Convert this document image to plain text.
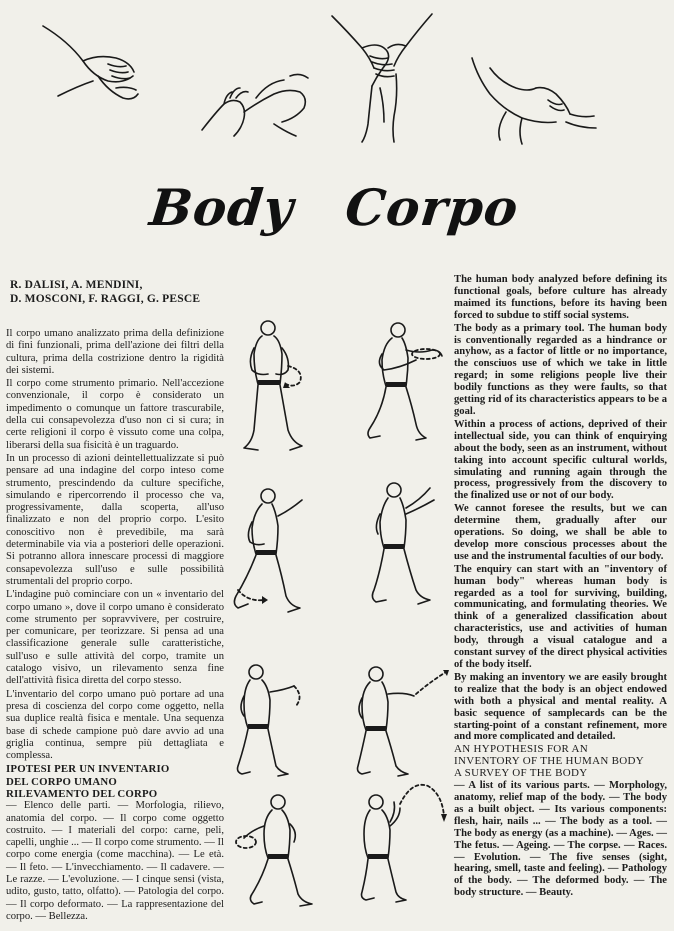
Body Corpo
R. DALISI, A. MENDINI,
D. MOSCONI, F. RAGGI, G. PESCE

Il corpo umano analizzato prima della definizione di fini funzionali, prima dell'azione dei filtri della cultura, prima della costrizione dentro la rigidità dei sistemi.

Il corpo come strumento primario. Nell'accezione convenzionale, il corpo è considerato un impedimento o comunque un fattore trascurabile, della cui consapevolezza d'uso non ci si cura; in certe religioni il corpo è vissuto come una colpa, liberarsi della sua fisicità è un traguardo.

In un processo di azioni deintellettualizzate si può pensare ad una indagine del corpo inteso come strumento, prescindendo da culture specifiche, simulando e ripercorrendo il processo che va, progressivamente, dalla scoperta, all'uso finalizzato e non del proprio corpo. L'esito conoscitivo non è prevedibile, ma sarà determinabile via via a posteriori delle operazioni. Si potranno allora innescare processi di maggiore consapevolezza sull'uso e sulle possibilità strumentali del proprio corpo.

L'indagine può cominciare con un « inventario del corpo umano », dove il corpo umano è considerato come strumento per sopravvivere, per costruire, per comunicare, per teorizzare. Si pensa ad una classificazione generale sulle caratteristiche, sull'uso e sulle attività del corpo, tramite un catalogo visivo, un rilevamento senza fine dell'attività fisica diretta del corpo stesso.

L'inventario del corpo umano può portare ad una presa di coscienza del corpo come oggetto, nella sua duplice realtà fisica e mentale. Una sequenza base di schede campione può dare avvio ad una griglia continua, sempre più dettagliata e complessa.

IPOTESI PER UN INVENTARIO
DEL CORPO UMANO
RILEVAMENTO DEL CORPO

— Elenco delle parti. — Morfologia, rilievo, anatomia del corpo. — Il corpo come oggetto costruito. — I materiali del corpo: carne, peli, capelli, unghie ... — Il corpo come strumento. — Il corpo come energia (come macchina). — Le età. — Il feto. — L'invecchiamento. — Il cadavere. — Le razze. — L'evoluzione. — I cinque sensi (vista, udito, gusto, tatto, olfatto). — Patologia del corpo. — Il corpo deformato. — La rappresentazione del corpo. — Bellezza.

The human body analyzed before defining its functional goals, before culture has already maimed its functions, before its having been forced to subdue to stiff social systems.

The body as a primary tool. The human body is conventionally regarded as a hindrance or anyhow, as a factor of little or no importance, the consciuos use of which we take in little regard; in some religions people live their bodily functions as they were faults, so that getting rid of its characteristics appears to be a goal.

Within a process of actions, deprived of their intellectual side, you can think of enquirying about the body, seen as an instrument, without taking into account specific cultural worlds, simulating and running again through the process, progressively from the discovery to the finalized use or not of our body.

We cannot foresee the results, but we can determine them, gradually after our operations. So doing, we shall be able to develop more conscious processes about the use and the instrumental faculties of our body.

The enquiry can start with an "inventory of human body" whereas human body is regarded as a tool for surviving, building, communicating, and formulating theories. We think of a generalized classification about characteristics, use and activities of human body, through a visual catalogue and a constant survey of the direct physical activities of the body itself.

By making an inventory we are easily brought to realize that the body is an object endowed with both a physical and mental reality. A basic sequence of samplecards can be the starting-point of a constant refinement, more and more complicated and detailed.

AN HYPOTHESIS FOR AN
INVENTORY OF THE HUMAN BODY
A SURVEY OF THE BODY

— A list of its various parts. — Morphology, anatomy, relief map of the body. — The body as a built object. — Its various components: flesh, hair, nails ... — The body as a tool. — The body as energy (as a machine). — Ages. — The fetus. — Ageing. — The corpse. — Races. — Evolution. — The five senses (sight, hearing, smell, taste and feeling). — Pathology of the body. — The deformed body. — The body structure. — Beauty.
